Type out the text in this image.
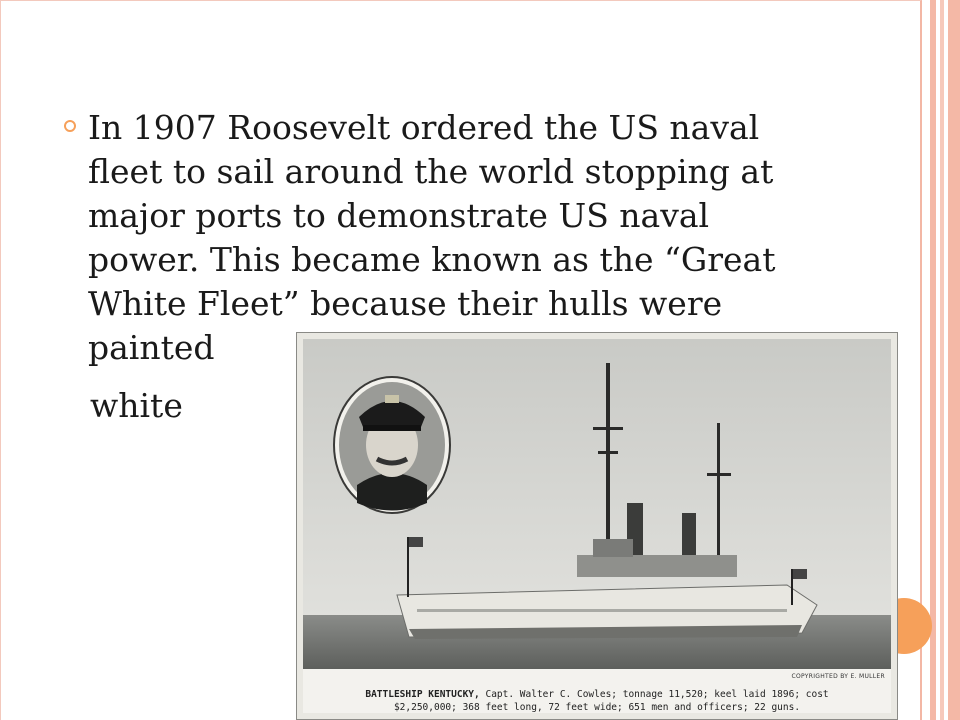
In 1907 Roosevelt ordered the US naval
fleet to sail around the world stopping at
major ports to demonstrate US naval
power. This became known as the “Great
White Fleet” because their hulls were
painted

white
COPYRIGHTED BY E. MULLER
BATTLESHIP KENTUCKY, Capt. Walter C. Cowles; tonnage 11,520; keel laid 1896; cost
$2,250,000; 368 feet long, 72 feet wide; 651 men and officers; 22 guns.
